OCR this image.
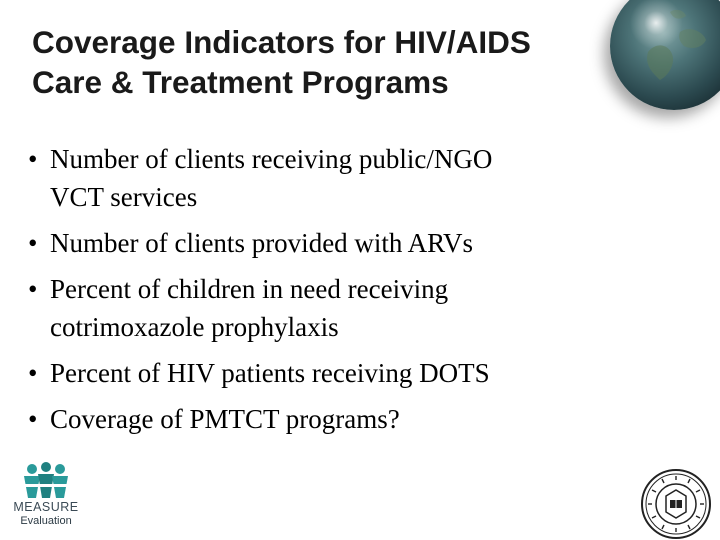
Coverage Indicators for HIV/AIDS
Care & Treatment Programs
• Number of clients receiving public/NGO
VCT services
• Number of clients provided with ARVs
• Percent of children in need receiving
cotrimoxazole prophylaxis
• Percent of HIV patients receiving DOTS
• Coverage of PMTCT programs?
MEASURE
Evaluation
